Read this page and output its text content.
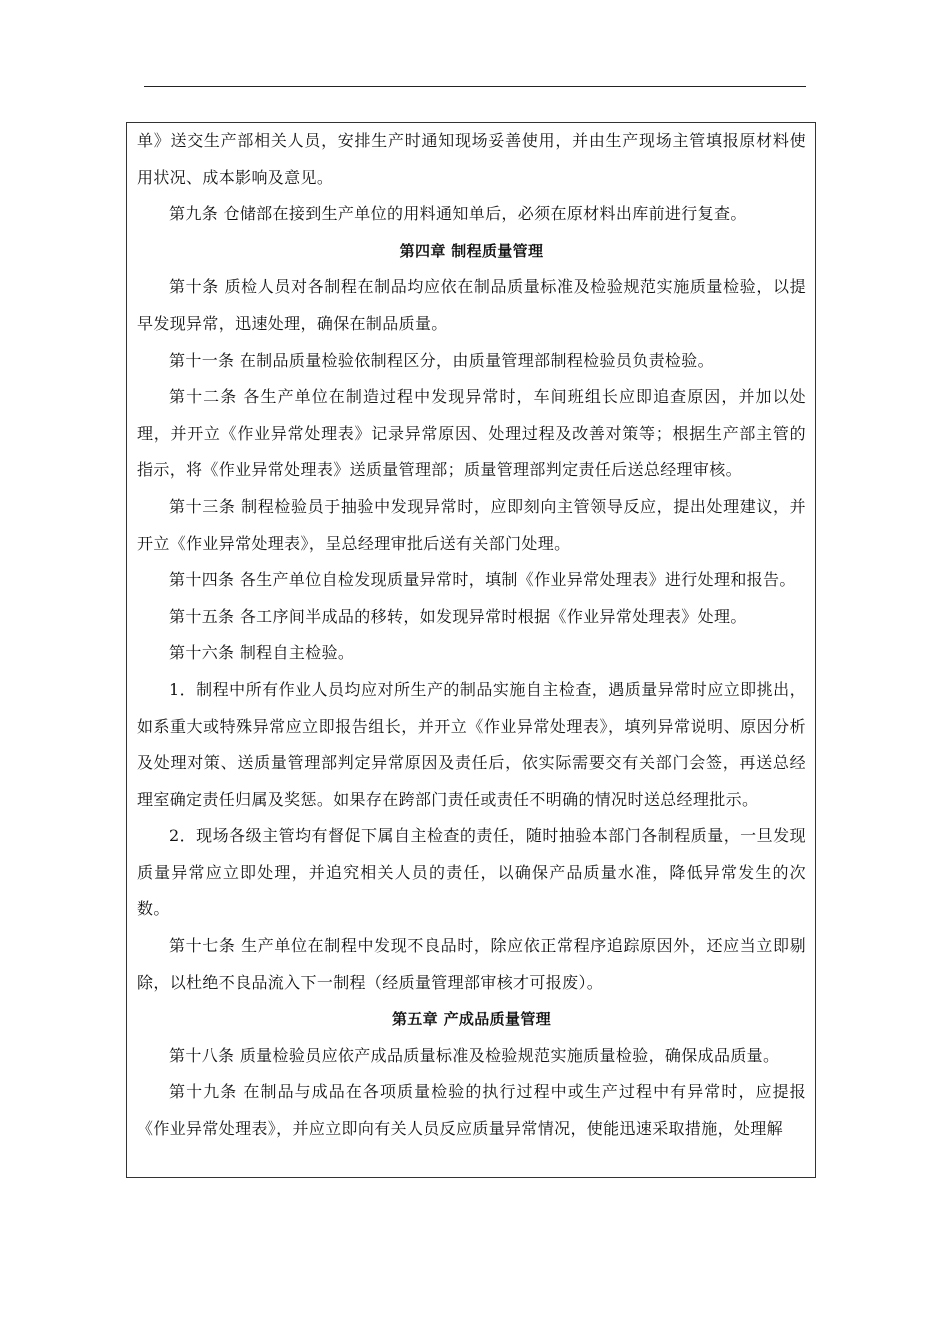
单》送交生产部相关人员，安排生产时通知现场妥善使用，并由生产现场主管填报原材料使用状况、成本影响及意见。

第九条 仓储部在接到生产单位的用料通知单后，必须在原材料出库前进行复查。

第四章 制程质量管理

第十条 质检人员对各制程在制品均应依在制品质量标准及检验规范实施质量检验，以提早发现异常，迅速处理，确保在制品质量。

第十一条 在制品质量检验依制程区分，由质量管理部制程检验员负责检验。

第十二条 各生产单位在制造过程中发现异常时，车间班组长应即追查原因，并加以处理，并开立《作业异常处理表》记录异常原因、处理过程及改善对策等；根据生产部主管的指示，将《作业异常处理表》送质量管理部；质量管理部判定责任后送总经理审核。

第十三条 制程检验员于抽验中发现异常时，应即刻向主管领导反应，提出处理建议，并开立《作业异常处理表》，呈总经理审批后送有关部门处理。

第十四条 各生产单位自检发现质量异常时，填制《作业异常处理表》进行处理和报告。

第十五条 各工序间半成品的移转，如发现异常时根据《作业异常处理表》处理。

第十六条 制程自主检验。

1．制程中所有作业人员均应对所生产的制品实施自主检查，遇质量异常时应立即挑出，如系重大或特殊异常应立即报告组长，并开立《作业异常处理表》，填列异常说明、原因分析及处理对策、送质量管理部判定异常原因及责任后，依实际需要交有关部门会签，再送总经理室确定责任归属及奖惩。如果存在跨部门责任或责任不明确的情况时送总经理批示。

2．现场各级主管均有督促下属自主检查的责任，随时抽验本部门各制程质量，一旦发现质量异常应立即处理，并追究相关人员的责任，以确保产品质量水准，降低异常发生的次数。

第十七条 生产单位在制程中发现不良品时，除应依正常程序追踪原因外，还应当立即剔除，以杜绝不良品流入下一制程（经质量管理部审核才可报废）。

第五章 产成品质量管理

第十八条 质量检验员应依产成品质量标准及检验规范实施质量检验，确保成品质量。

第十九条 在制品与成品在各项质量检验的执行过程中或生产过程中有异常时，应提报《作业异常处理表》，并应立即向有关人员反应质量异常情况，使能迅速采取措施，处理解
